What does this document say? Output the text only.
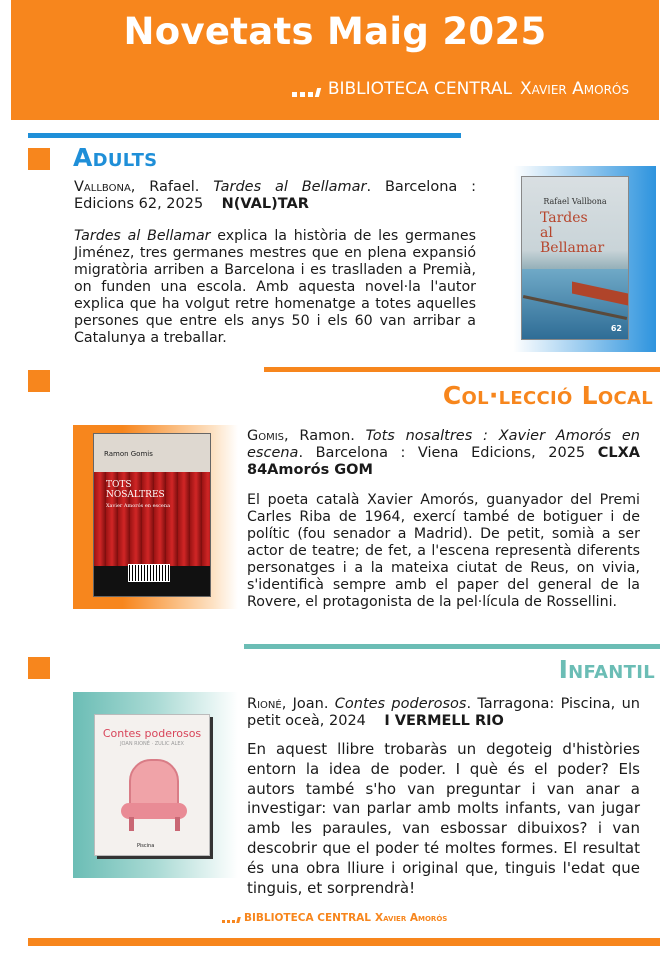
Novetats Maig 2025
BIBLIOTECA CENTRAL Xavier Amorós
Adults
Vallbona, Rafael. Tardes al Bellamar. Barcelona : Edicions 62, 2025 N(VAL)TAR
Tardes al Bellamar explica la història de les germanes Jiménez, tres germanes mestres que en plena expansió migratòria arriben a Barcelona i es traslladen a Premià, on funden una escola. Amb aquesta novel·la l'autor explica que ha volgut retre homenatge a totes aquelles persones que entre els anys 50 i els 60 van arribar a Catalunya a treballar.
Rafael Vallbona
Tardes
al
Bellamar
62
Col·lecció Local
Ramon Gomis
TOTS
NOSALTRES
Xavier Amorós en escena
Gomis, Ramon. Tots nosaltres : Xavier Amorós en escena. Barcelona : Viena Edicions, 2025 CLXA 84Amorós GOM
El poeta català Xavier Amorós, guanyador del Premi Carles Riba de 1964, exercí també de botiguer i de polític (fou senador a Madrid). De petit, somià a ser actor de teatre; de fet, a l'escena representà diferents personatges i a la mateixa ciutat de Reus, on vivia, s'identificà sempre amb el paper del general de la Rovere, el protagonista de la pel·lícula de Rossellini.
Infantil
Contes poderosos
JOAN RIONÉ · ZULIC ALEX
Piscina
Rioné, Joan. Contes poderosos. Tarragona: Piscina, un petit oceà, 2024 I VERMELL RIO
En aquest llibre trobaràs un degoteig d'històries entorn la idea de poder. I què és el poder? Els autors també s'ho van preguntar i van anar a investigar: van parlar amb molts infants, van jugar amb les paraules, van esbossar dibuixos? i van descobrir que el poder té moltes formes. El resultat és una obra lliure i original que, tinguis l'edat que tinguis, et sorprendrà!
BIBLIOTECA CENTRAL Xavier Amorós
